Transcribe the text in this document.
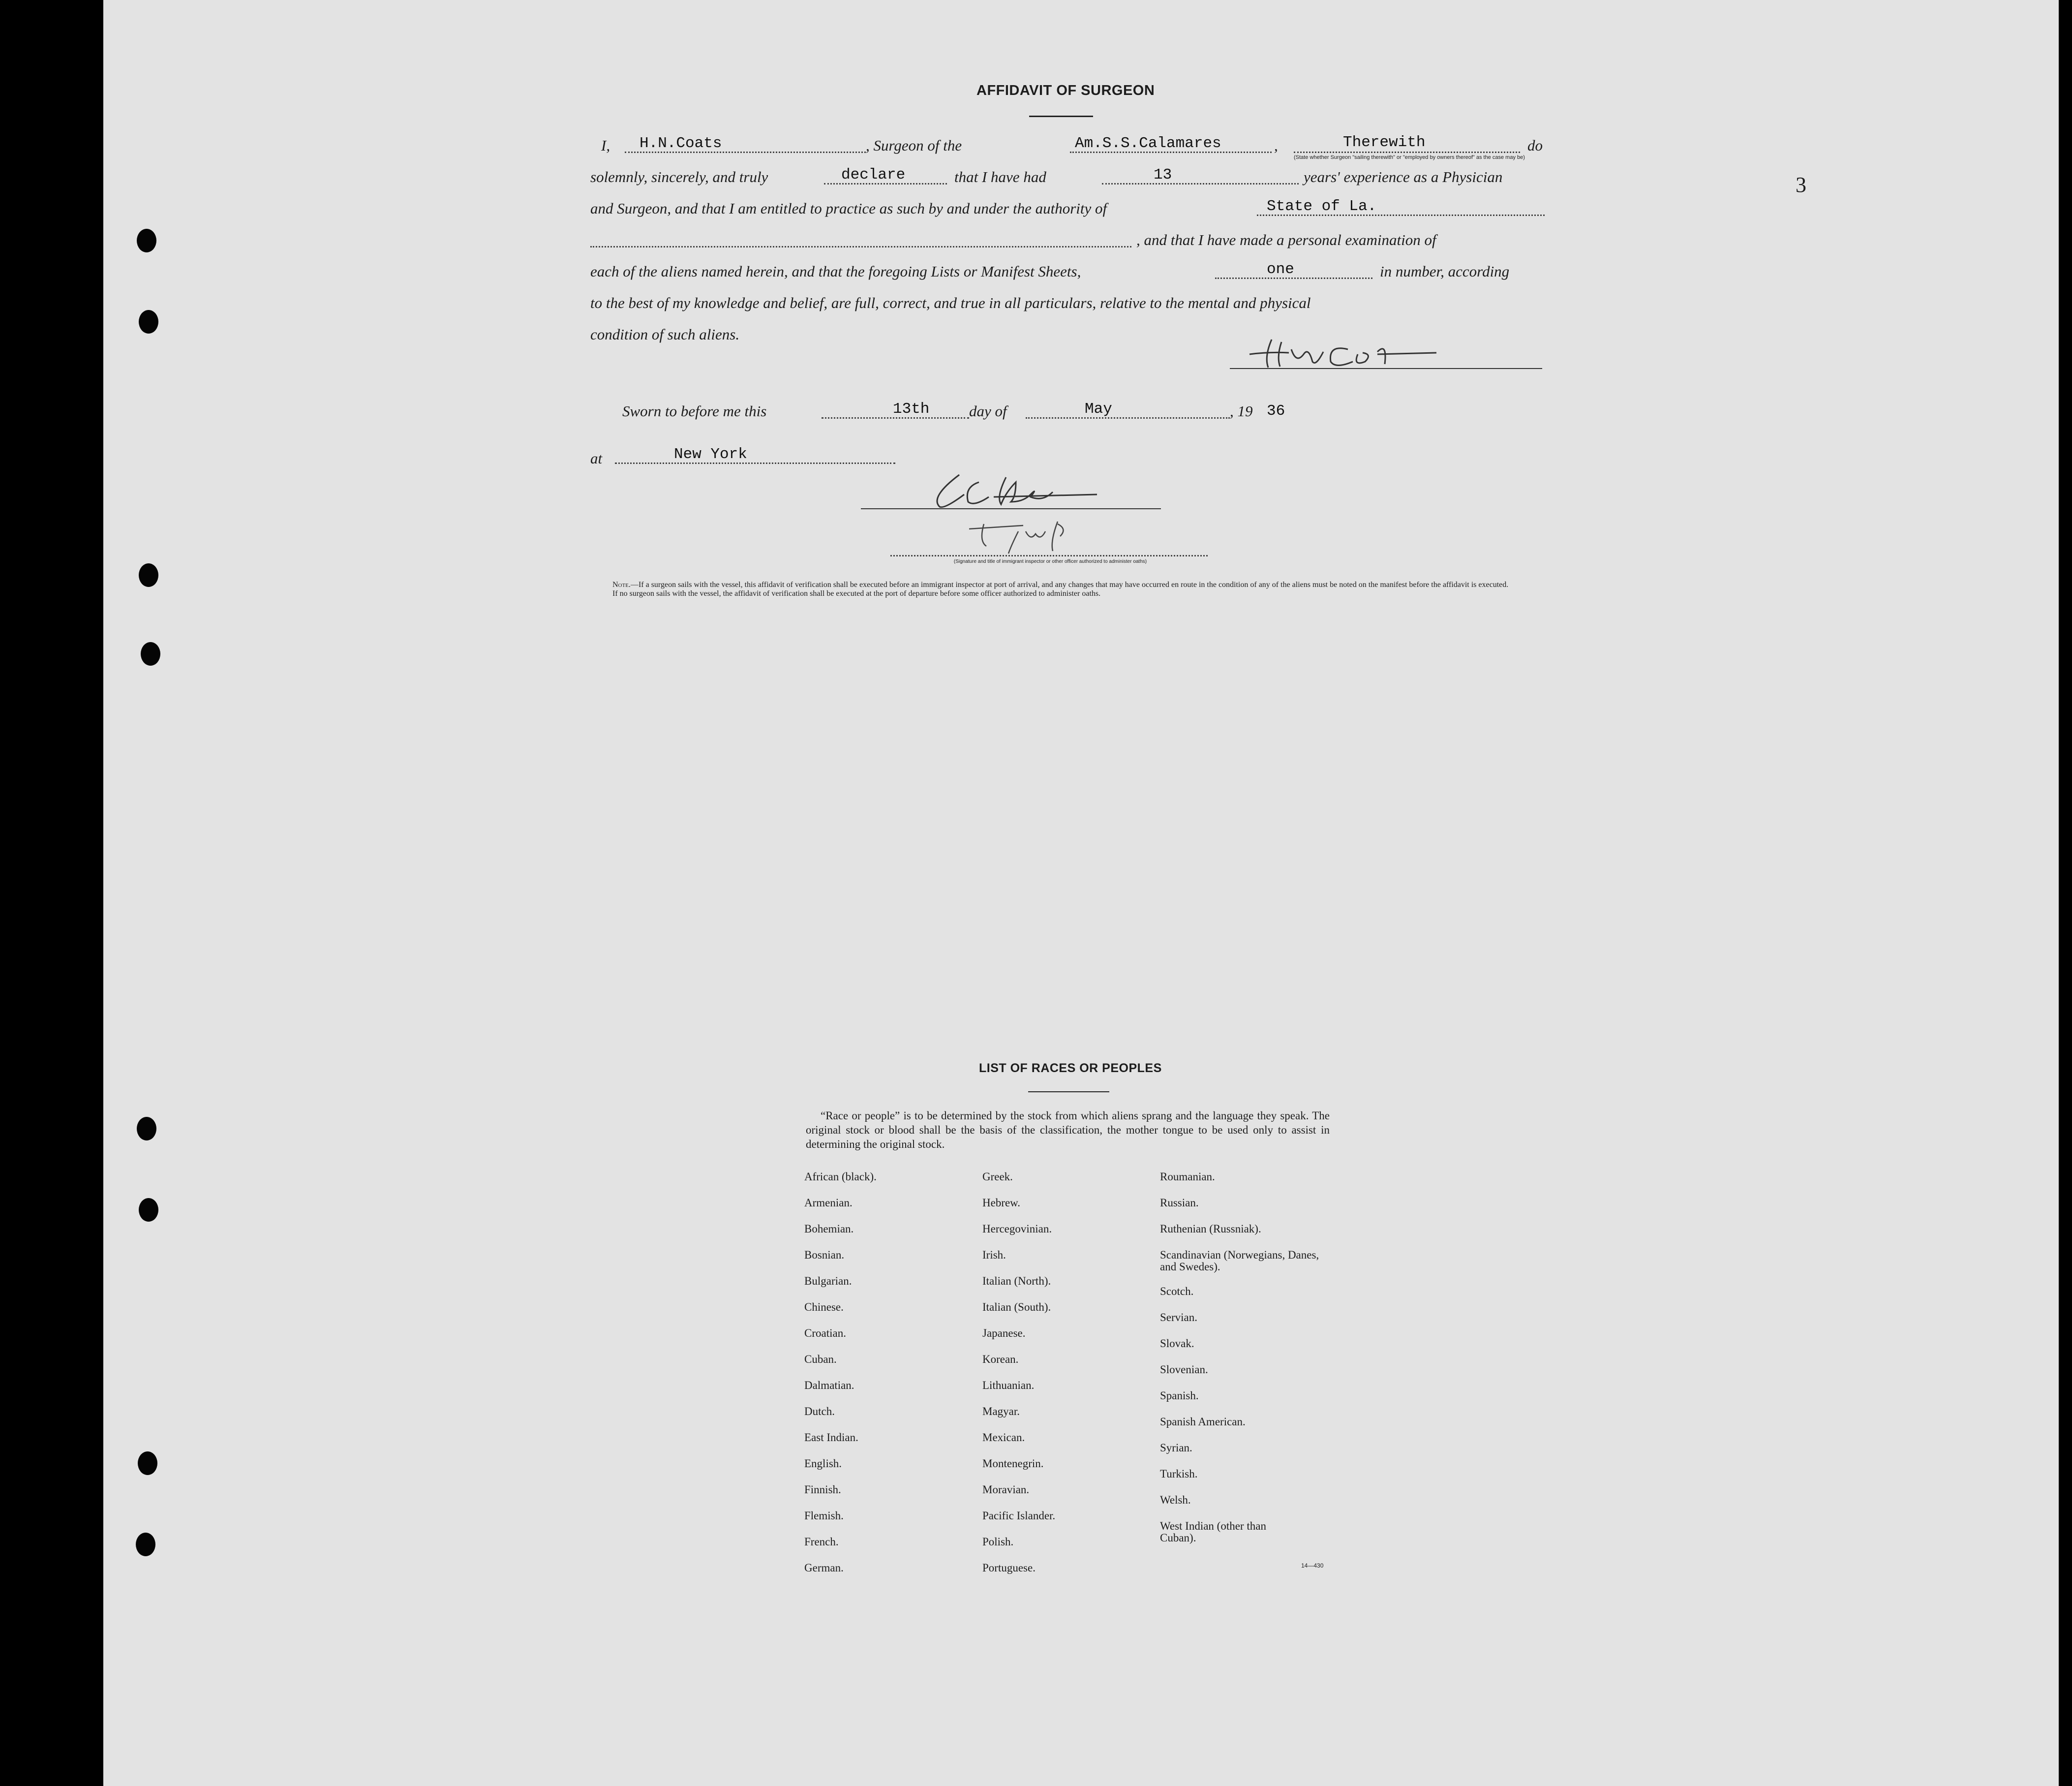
3
AFFIDAVIT OF SURGEON
I, H.N.Coats	, Surgeon of the	Am.S.S.Calamares	,	Therewith
(State whether Surgeon "sailing therewith" or "employed by owners thereof" as the case may be)
do
solemnly, sincerely, and truly	declare	that I have had	13	years' experience as a Physician
and Surgeon, and that I am entitled to practice as such by and under the authority of	State of La.
, and that I have made a personal examination of
each of the aliens named herein, and that the foregoing Lists or Manifest Sheets,	one	in number, according
to the best of my knowledge and belief, are full, correct, and true in all particulars, relative to the mental and physical
condition of such aliens.
Sworn to before me this	13th	day of	May	, 19 36
at	New York
(Signature and title of immigrant inspector or other officer authorized to administer oaths)
Note.—If a surgeon sails with the vessel, this affidavit of verification shall be executed before an immigrant inspector at port of arrival, and any changes that may have occurred en route in the condition of any of the aliens must be noted on the manifest before the affidavit is executed.
If no surgeon sails with the vessel, the affidavit of verification shall be executed at the port of departure before some officer authorized to administer oaths.
LIST OF RACES OR PEOPLES
“Race or people” is to be determined by the stock from which aliens sprang and the language they speak. The original stock or blood shall be the basis of the classification, the mother tongue to be used only to assist in determining the original stock.
African (black).
Armenian.
Bohemian.
Bosnian.
Bulgarian.
Chinese.
Croatian.
Cuban.
Dalmatian.
Dutch.
East Indian.
English.
Finnish.
Flemish.
French.
German.
Greek.
Hebrew.
Hercegovinian.
Irish.
Italian (North).
Italian (South).
Japanese.
Korean.
Lithuanian.
Magyar.
Mexican.
Montenegrin.
Moravian.
Pacific Islander.
Polish.
Portuguese.
Roumanian.
Russian.
Ruthenian (Russniak).
Scandinavian (Norwegians, Danes, and Swedes).
Scotch.
Servian.
Slovak.
Slovenian.
Spanish.
Spanish American.
Syrian.
Turkish.
Welsh.
West Indian (other than Cuban).
14—430
